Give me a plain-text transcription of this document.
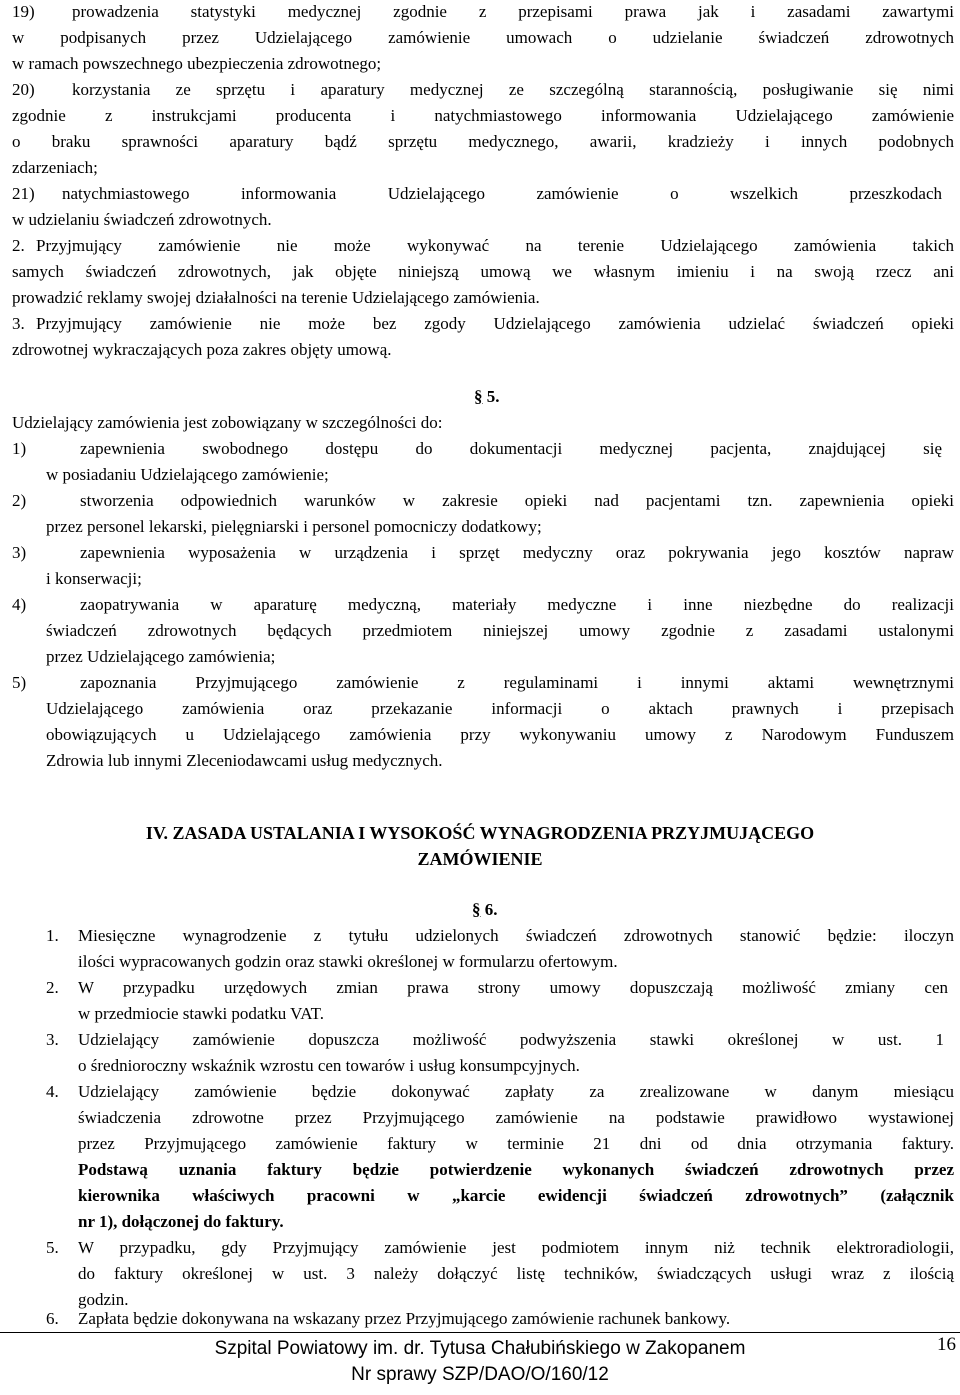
19) prowadzenia statystyki medycznej zgodnie z przepisami prawa jak i zasadami zawartymi
w podpisanych przez Udzielającego zamówienie umowach o udzielanie świadczeń zdrowotnych
w ramach powszechnego ubezpieczenia zdrowotnego;
20) korzystania ze sprzętu i aparatury medycznej ze szczególną starannością, posługiwanie się nimi
zgodnie z instrukcjami producenta i natychmiastowego informowania Udzielającego zamówienie
o braku sprawności aparatury bądź sprzętu medycznego, awarii, kradzieży i innych podobnych
zdarzeniach;
21) natychmiastowego informowania Udzielającego zamówienie o wszelkich przeszkodach
w udzielaniu świadczeń zdrowotnych.
2. Przyjmujący zamówienie nie może wykonywać na terenie Udzielającego zamówienia takich
samych świadczeń zdrowotnych, jak objęte niniejszą umową we własnym imieniu i na swoją rzecz ani
prowadzić reklamy swojej działalności na terenie Udzielającego zamówienia.
3. Przyjmujący zamówienie nie może bez zgody Udzielającego zamówienia udzielać świadczeń opieki
zdrowotnej wykraczających poza zakres objęty umową.
§ 5.
Udzielający zamówienia jest zobowiązany w szczególności do:
1)	zapewnienia swobodnego dostępu do dokumentacji medycznej pacjenta, znajdującej się
w posiadaniu Udzielającego zamówienie;
2)	stworzenia odpowiednich warunków w zakresie opieki nad pacjentami tzn. zapewnienia opieki
przez personel lekarski, pielęgniarski i personel pomocniczy dodatkowy;
3)	zapewnienia wyposażenia w urządzenia i sprzęt medyczny oraz pokrywania jego kosztów napraw
i konserwacji;
4)	zaopatrywania w aparaturę medyczną, materiały medyczne i inne niezbędne do realizacji
świadczeń zdrowotnych będących przedmiotem niniejszej umowy zgodnie z zasadami ustalonymi
przez Udzielającego zamówienia;
5)	zapoznania Przyjmującego zamówienie z regulaminami i innymi aktami wewnętrznymi
Udzielającego zamówienia oraz przekazanie informacji o aktach prawnych i przepisach
obowiązujących u Udzielającego zamówienia przy wykonywaniu umowy z Narodowym Funduszem
Zdrowia lub innymi Zleceniodawcami usług medycznych.
IV. ZASADA USTALANIA I WYSOKOŚĆ WYNAGRODZENIA PRZYJMUJĄCEGO
ZAMÓWIENIE
§ 6.
1. Miesięczne wynagrodzenie z tytułu udzielonych świadczeń zdrowotnych stanowić będzie: iloczyn
ilości wypracowanych godzin oraz stawki określonej w formularzu ofertowym.
2. W przypadku urzędowych zmian prawa strony umowy dopuszczają możliwość zmiany cen
w przedmiocie stawki podatku VAT.
3. Udzielający zamówienie dopuszcza możliwość podwyższenia stawki określonej w ust. 1
o średnioroczny wskaźnik wzrostu cen towarów i usług konsumpcyjnych.
4. Udzielający zamówienie będzie dokonywać zapłaty za zrealizowane w danym miesiącu
świadczenia zdrowotne przez Przyjmującego zamówienie na podstawie prawidłowo wystawionej
przez Przyjmującego zamówienie faktury w terminie 21 dni od dnia otrzymania faktury.
Podstawą uznania faktury będzie potwierdzenie wykonanych świadczeń zdrowotnych przez
kierownika właściwych pracowni w „karcie ewidencji świadczeń zdrowotnych” (załącznik
nr 1), dołączonej do faktury.
5. W przypadku, gdy Przyjmujący zamówienie jest podmiotem innym niż technik elektroradiologii,
do faktury określonej w ust. 3 należy dołączyć listę techników, świadczących usługi wraz z ilością
godzin.
6. Zapłata będzie dokonywana na wskazany przez Przyjmującego zamówienie rachunek bankowy.
Szpital Powiatowy im. dr. Tytusa Chałubińskiego w Zakopanem
Nr sprawy SZP/DAO/O/160/12
16
